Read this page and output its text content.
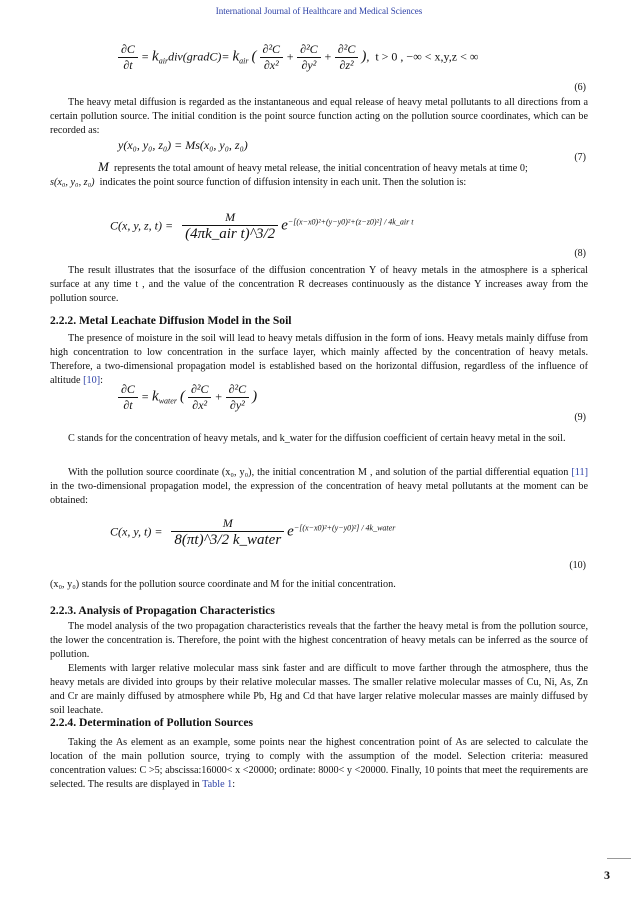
International Journal of Healthcare and Medical Sciences
$\frac{\partial C}{\partial t}$ = $k_{air}div(gradC)= k_{air}$ ( $\frac{\text{∂²C}}{\text{∂x²}} + \frac{\text{∂²C}}{\text{∂y²}} + \frac{\text{∂²C}}{\text{∂z²}}$ ),  t > 0 , −∞ < x,y,z < ∞
(6)
The heavy metal diffusion is regarded as the instantaneous and equal release of heavy metal pollutants to all directions from a certain pollution source. The initial condition is the point source function acting on the pollution source coordinates, which can be recorded as:
y(x₀, y₀, z₀) = Ms(x₀, y₀, z₀)
(7)
M represents the total amount of heavy metal release, the initial concentration of heavy metals at time 0;
s(x₀, y₀, z₀) indicates the point source function of diffusion intensity in each unit. Then the solution is:
C(x, y, z, $t) = \frac{M}{\text{(4πk\_air t)\textasciicircum{}3/2}} e^{-[(x-x0)^2+(y-y0)^2+(z-z0)^2] / 4k\_air t}$
(8)
The result illustrates that the isosurface of the diffusion concentration Y of heavy metals in the atmosphere is a spherical surface at any time t , and the value of the concentration R decreases continuously as the distance Y increases away from the pollution source.
2.2.2. Metal Leachate Diffusion Model in the Soil
The presence of moisture in the soil will lead to heavy metals diffusion in the form of ions. Heavy metals mainly diffuse from high concentration to low concentration in the surface layer, which mainly affected by the concentration of heavy metals. Therefore, a two-dimensional propagation model is established based on the horizontal diffusion, regardless of the influence of altitude [10]:
$\frac{\partial C}{\partial t} = k_{water}$ ( $\frac{\text{∂²C}}{\text{∂x²}} + \frac{\text{∂²C}}{\text{∂y²}}$ )
(9)
C stands for the concentration of heavy metals, and k_water for the diffusion coefficient of certain heavy metal in the soil.
With the pollution source coordinate (x₀, y₀), the initial concentration M , and solution of the partial differential equation [11] in the two-dimensional propagation model, the expression of the concentration of heavy metal pollutants at the moment can be obtained:
C(x, y, $t) = \frac{M}{\text{8(πt)\textasciicircum{}3/2 k\_water}} e^{-[(x-x0)^2+(y-y0)^2] / 4k\_water}$
(10)
(x₀, y₀) stands for the pollution source coordinate and M for the initial concentration.
2.2.3. Analysis of Propagation Characteristics
The model analysis of the two propagation characteristics reveals that the farther the heavy metal is from the pollution source, the lower the concentration is. Therefore, the point with the highest concentration of heavy metals can be inferred as the source of pollution.
Elements with larger relative molecular mass sink faster and are difficult to move farther through the atmosphere, thus the heavy metals are divided into groups by their relative molecular masses. The smaller relative molecular masses of Cu, Ni, As, Zn and Cr are mainly diffused by atmosphere while Pb, Hg and Cd that have larger relative molecular masses are mainly diffused by soil leachate.
2.2.4. Determination of Pollution Sources
Taking the As element as an example, some points near the highest concentration point of As are selected to calculate the location of the main pollution source, trying to comply with the assumption of the model. Selection criteria: measured concentration values: C >5; abscissa:16000< x <20000; ordinate: 8000< y <20000. Finally, 10 points that meet the requirements are selected. The results are displayed in Table 1:
3
